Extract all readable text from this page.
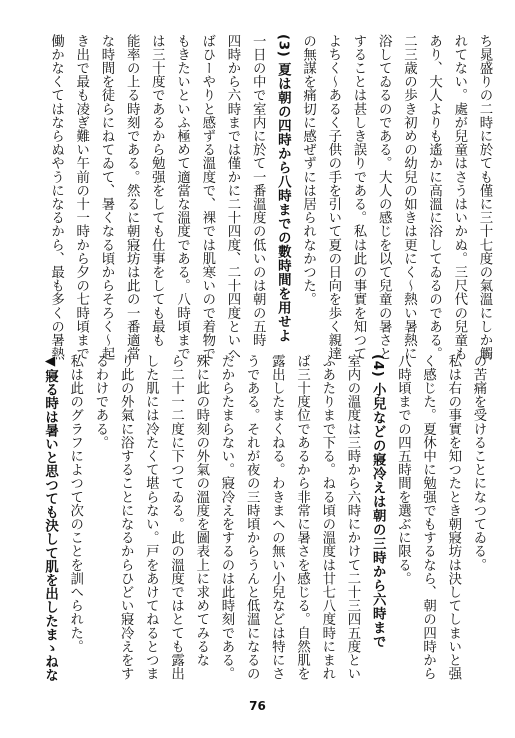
ち晁盛りの二時に於ても僅に三十七度の氣溫にしか觸
れてない。處が兒童はさうはいかぬ。三尺代の兒童も
あり、大人よりも遙かに高溫に浴してゐるのである。
二三歳の歩き初めの幼兒の如きは更にく〜熱い暑熱に
浴してゐるのである。大人の感じを以て兒童の暑さと
することは甚しき誤りである。私は此の事實を知つて
よちく〜あるく子供の手を引いて夏の日向を歩く親達
の無謀を痛切に感ぜずには居られなかつた。
(3) 夏は朝の四時から八時までの數時間を用せよ
一日の中で室内に於て一番溫度の低いのは朝の五時
四時から六時までは僅かに二十四度、二十四度といへ
ばひーやりと感ずる溫度で、裸では肌寒いので着物で
もきたいといふ極めて適當な溫度である。八時頃まで
は三十度であるから勉强をしても仕事をしても最も
能率の上る時刻である。然るに朝寢坊は此の一番適當
な時間を徒らにねてゐて、暑くなる頃からそろく〜起
き出で最も凌ぎ難い午前の十一時から夕の七時頃まで
働かなくてはならぬやうになるから、最も多くの暑熱
の苦痛を受けることになつてゐる。
私は右の事實を知つたとき朝寢坊は決してしまいと强
く感じた。夏休中に勉强でもするなら、朝の四時から
八時頃までの四五時間を選ぶに限る。
(4) 小兒などの寢冷えは朝の三時から六時まで
室内の溫度は三時から六時にかけて二十三四五度とい
ふあたりまで下る。ねる頃の溫度は廿七八度時にまれ
ば三十度位であるから非常に暑さを感じる。自然肌を
露出したまくねる。わきまへの無い小兒などは特にさ
うである。それが夜の三時頃からうんと低溫になるの
だからたまらない。寢冷えをするのは此時刻である。
殊に此の時刻の外氣の溫度を圖表上に求めてみるな
ら二十一二度に下つてゐる。此の溫度ではとても露出
した肌には冷たくて堪らない。戸をあけてねるとつま
り此の外氣に浴することになるからひどい寢冷えをす
るわけである。
私は此のグラフによつて次のことを訓へられた。
◀寢る時は暑いと思つても決して肌を出したまゝねな
76
